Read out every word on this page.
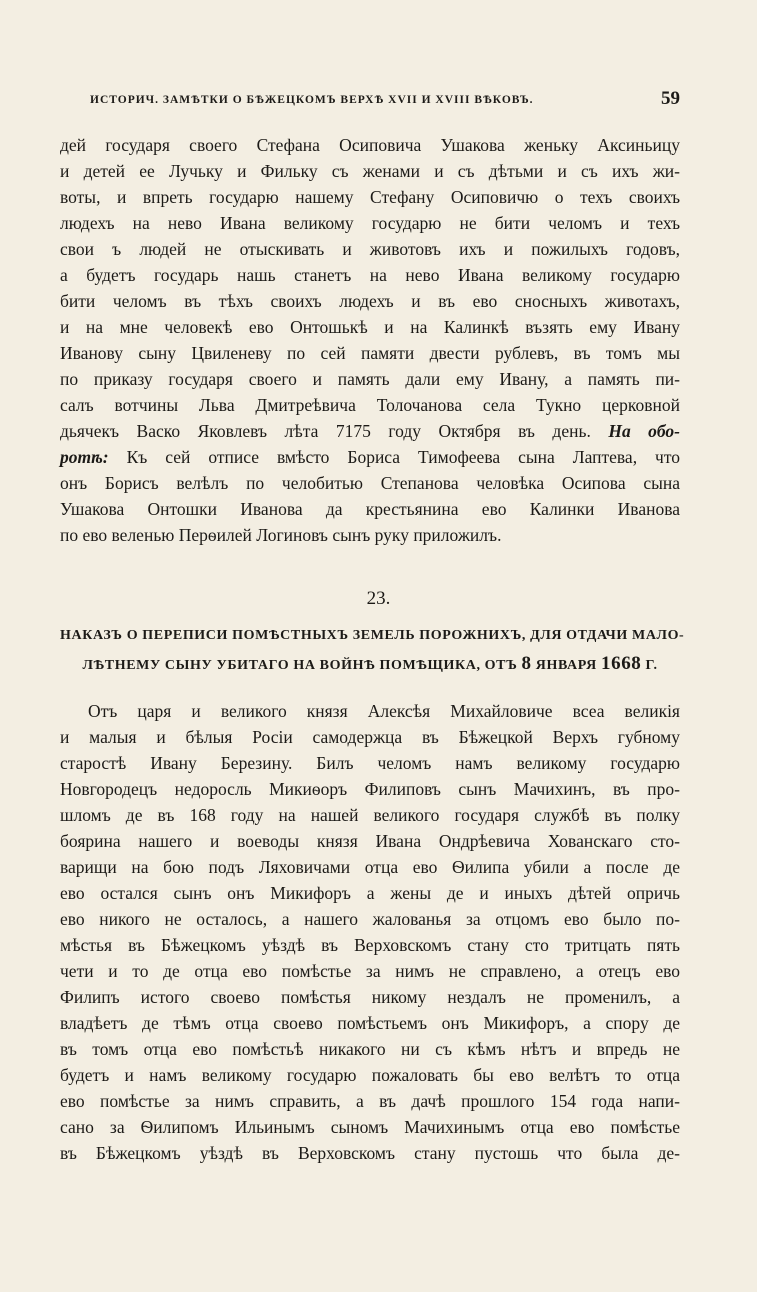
ИСТОРИЧ. ЗАМѢТКИ О БѢЖЕЦКОМЪ ВЕРХѢ XVII И XVIII ВѢКОВЪ.	59
дей государя своего Стефана Осиповича Ушакова женьку Аксиньицу
и детей ее Лучьку и Фильку съ женами и съ дѣтьми и съ ихъ жи-
воты, и впреть государю нашему Стефану Осиповичю о техъ своихъ
людехъ на нево Ивана великому государю не бити челомъ и техъ
свои ъ людей не отыскивать и животовъ ихъ и пожилыхъ годовъ,
а будетъ государь нашь станетъ на нево Ивана великому государю
бити челомъ въ тѣхъ своихъ людехъ и въ ево сносныхъ животахъ,
и на мне человекѣ ево Онтошькѣ и на Калинкѣ възять ему Ивану
Иванову сыну Цвиленеву по сей памяти двести рублевъ, въ томъ мы
по приказу государя своего и память дали ему Ивану, а память пи-
салъ вотчины Льва Дмитреѣвича Толочанова села Тукно церковной
дьячекъ Васко Яковлевъ лѣта 7175 году Октября въ день. На обо-
ротѣ: Къ сей отписе вмѣсто Бориса Тимофеева сына Лаптева, что
онъ Борисъ велѣлъ по челобитью Степанова человѣка Осипова сына
Ушакова Онтошки Иванова да крестьянина ево Калинки Иванова
по ево веленью Перѳилей Логиновъ сынъ руку приложилъ.
23.
НАКАЗЪ О ПЕРЕПИСИ ПОМѢСТНЫХЪ ЗЕМЕЛЬ ПОРОЖНИХЪ, ДЛЯ ОТДАЧИ МАЛО-
ЛѢТНЕМУ СЫНУ УБИТАГО НА ВОЙНѢ ПОМѢЩИКА, ОТЪ 8 ЯНВАРЯ 1668 Г.
Отъ царя и великого князя Алексѣя Михайловиче всеа великія
и малыя и бѣлыя Росіи самодержца въ Бѣжецкой Верхъ губному
старостѣ Ивану Березину. Билъ челомъ намъ великому государю
Новгородецъ недоросль Микиѳоръ Филиповъ сынъ Мачихинъ, въ про-
шломъ де въ 168 году на нашей великого государя службѣ въ полку
боярина нашего и воеводы князя Ивана Ондрѣевича Хованскаго сто-
варищи на бою подъ Ляховичами отца ево Ѳилипа убили а после де
ево остался сынъ онъ Микифоръ а жены де и иныхъ дѣтей опричь
ево никого не осталось, а нашего жалованья за отцомъ ево было по-
мѣстья въ Бѣжецкомъ уѣздѣ въ Верховскомъ стану сто тритцать пять
чети и то де отца ево помѣстье за нимъ не справлено, а отецъ ево
Филипъ истого своево помѣстья никому нездалъ не променилъ, а
владѣетъ де тѣмъ отца своево помѣстьемъ онъ Микифоръ, а спору де
въ томъ отца ево помѣстьѣ никакого ни съ кѣмъ нѣтъ и впредь не
будетъ и намъ великому государю пожаловать бы ево велѣтъ то отца
ево помѣстье за нимъ справить, а въ дачѣ прошлого 154 года напи-
сано за Ѳилипомъ Ильинымъ сыномъ Мачихинымъ отца ево помѣстье
въ Бѣжецкомъ уѣздѣ въ Верховскомъ стану пустошь что была де-
